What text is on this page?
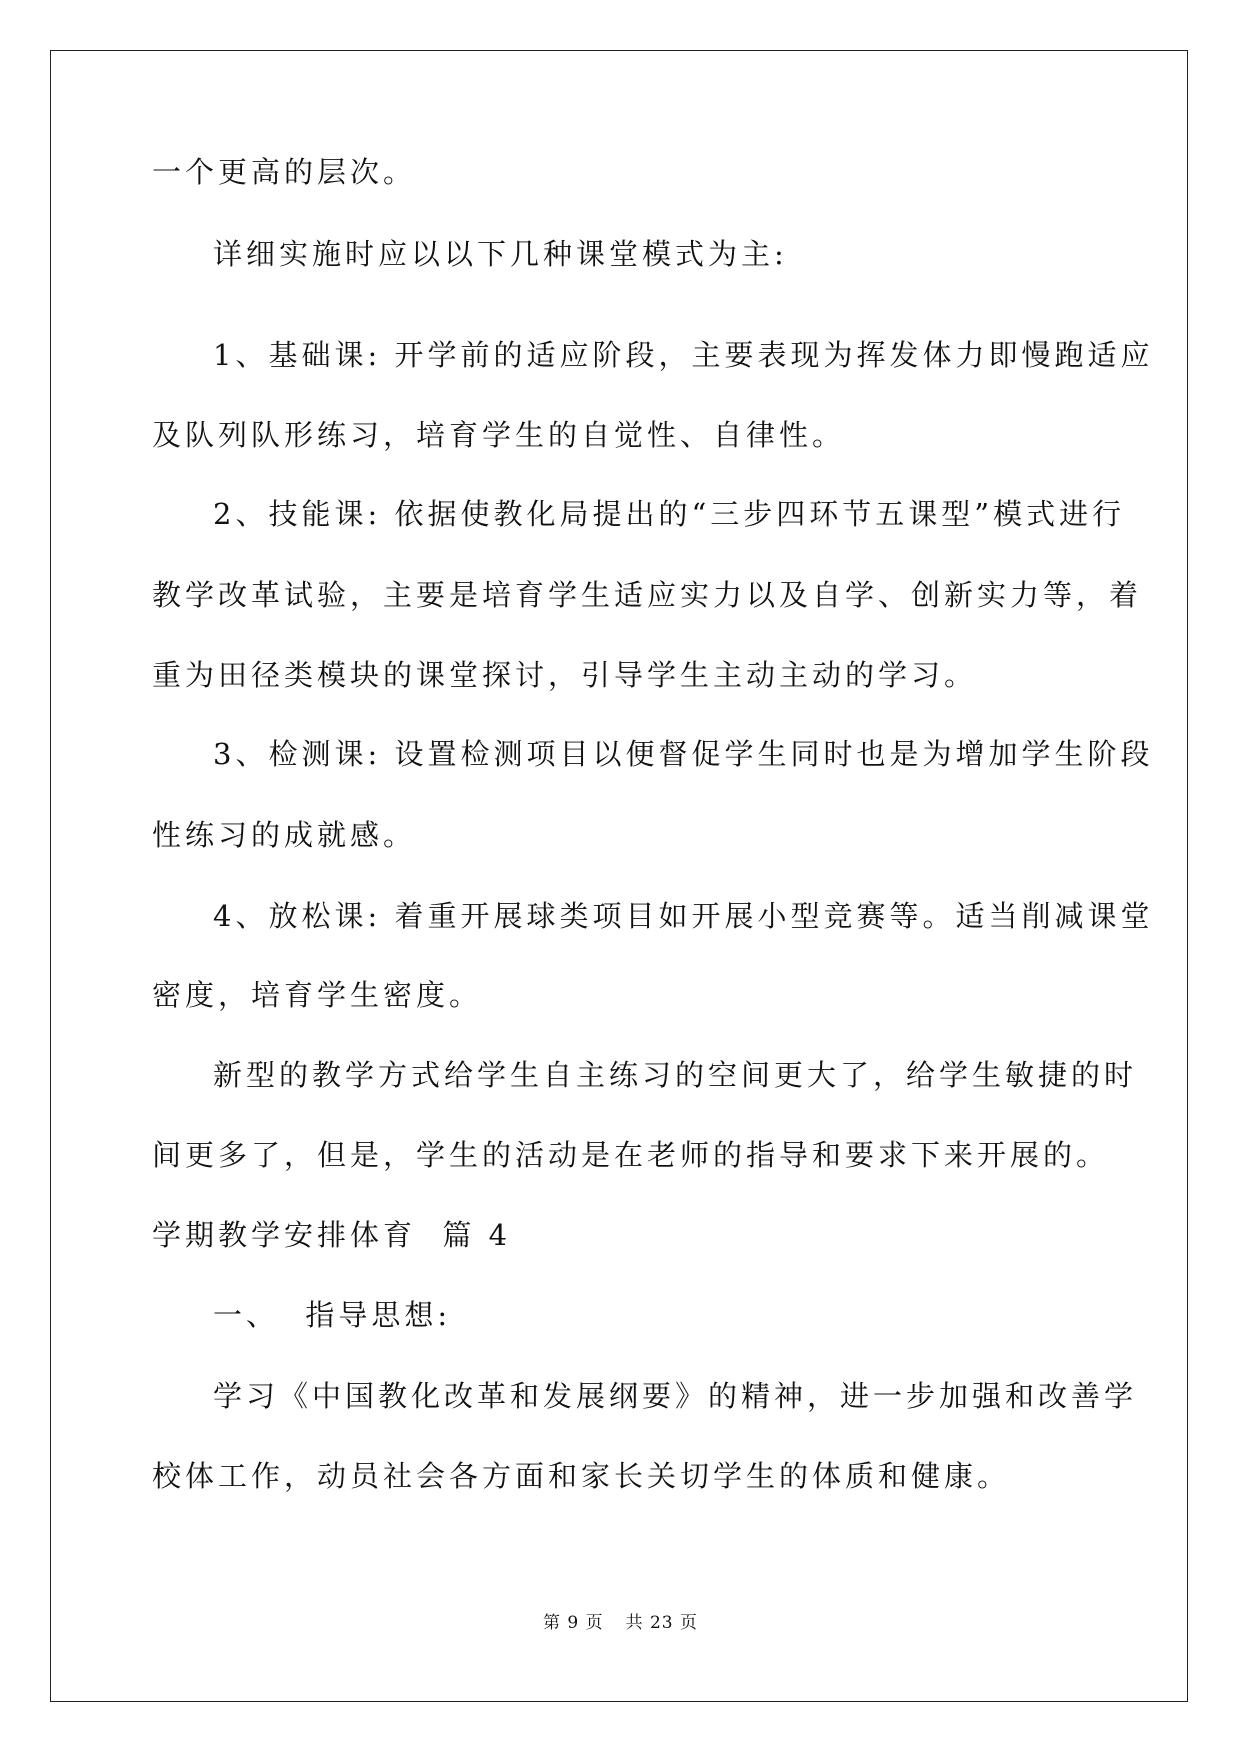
一个更高的层次。
详细实施时应以以下几种课堂模式为主:
1、基础课: 开学前的适应阶段，主要表现为挥发体力即慢跑适应
及队列队形练习，培育学生的自觉性、自律性。
2、技能课: 依据使教化局提出的“三步四环节五课型”模式进行
教学改革试验，主要是培育学生适应实力以及自学、创新实力等，着
重为田径类模块的课堂探讨，引导学生主动主动的学习。
3、检测课: 设置检测项目以便督促学生同时也是为增加学生阶段
性练习的成就感。
4、放松课: 着重开展球类项目如开展小型竞赛等。适当削减课堂
密度，培育学生密度。
新型的教学方式给学生自主练习的空间更大了，给学生敏捷的时
间更多了，但是，学生的活动是在老师的指导和要求下来开展的。
学期教学安排体育  篇 4
一、  指导思想:
学习《中国教化改革和发展纲要》的精神，进一步加强和改善学
校体工作，动员社会各方面和家长关切学生的体质和健康。
第 9 页 共 23 页
